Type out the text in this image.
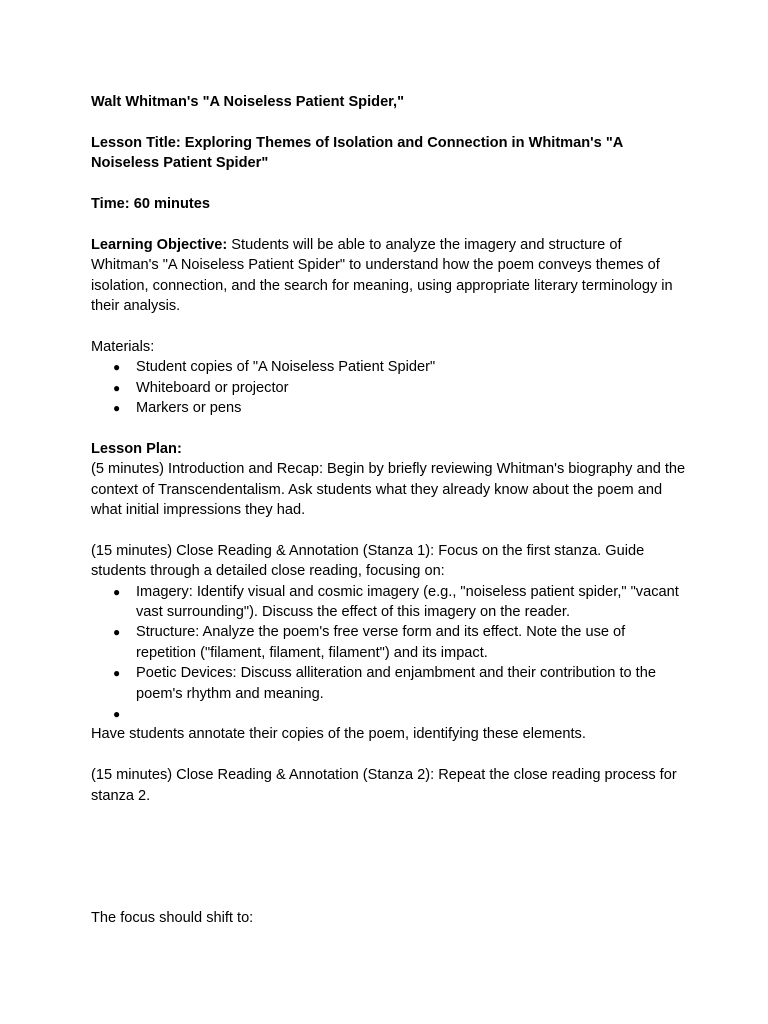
Walt Whitman's "A Noiseless Patient Spider,"

Lesson Title: Exploring Themes of Isolation and Connection in Whitman's "A Noiseless Patient Spider"

Time: 60 minutes

Learning Objective: Students will be able to analyze the imagery and structure of Whitman's "A Noiseless Patient Spider" to understand how the poem conveys themes of isolation, connection, and the search for meaning, using appropriate literary terminology in their analysis.

Materials:

● Student copies of "A Noiseless Patient Spider"
● Whiteboard or projector
● Markers or pens

Lesson Plan:

(5 minutes) Introduction and Recap: Begin by briefly reviewing Whitman's biography and the context of Transcendentalism. Ask students what they already know about the poem and what initial impressions they had.

(15 minutes) Close Reading & Annotation (Stanza 1): Focus on the first stanza. Guide students through a detailed close reading, focusing on:

● Imagery: Identify visual and cosmic imagery (e.g., "noiseless patient spider," "vacant vast surrounding"). Discuss the effect of this imagery on the reader.
● Structure: Analyze the poem's free verse form and its effect. Note the use of repetition ("filament, filament, filament") and its impact.
● Poetic Devices: Discuss alliteration and enjambment and their contribution to the poem's rhythm and meaning.
●

Have students annotate their copies of the poem, identifying these elements.

(15 minutes) Close Reading & Annotation (Stanza 2): Repeat the close reading process for stanza 2.

The focus should shift to:
